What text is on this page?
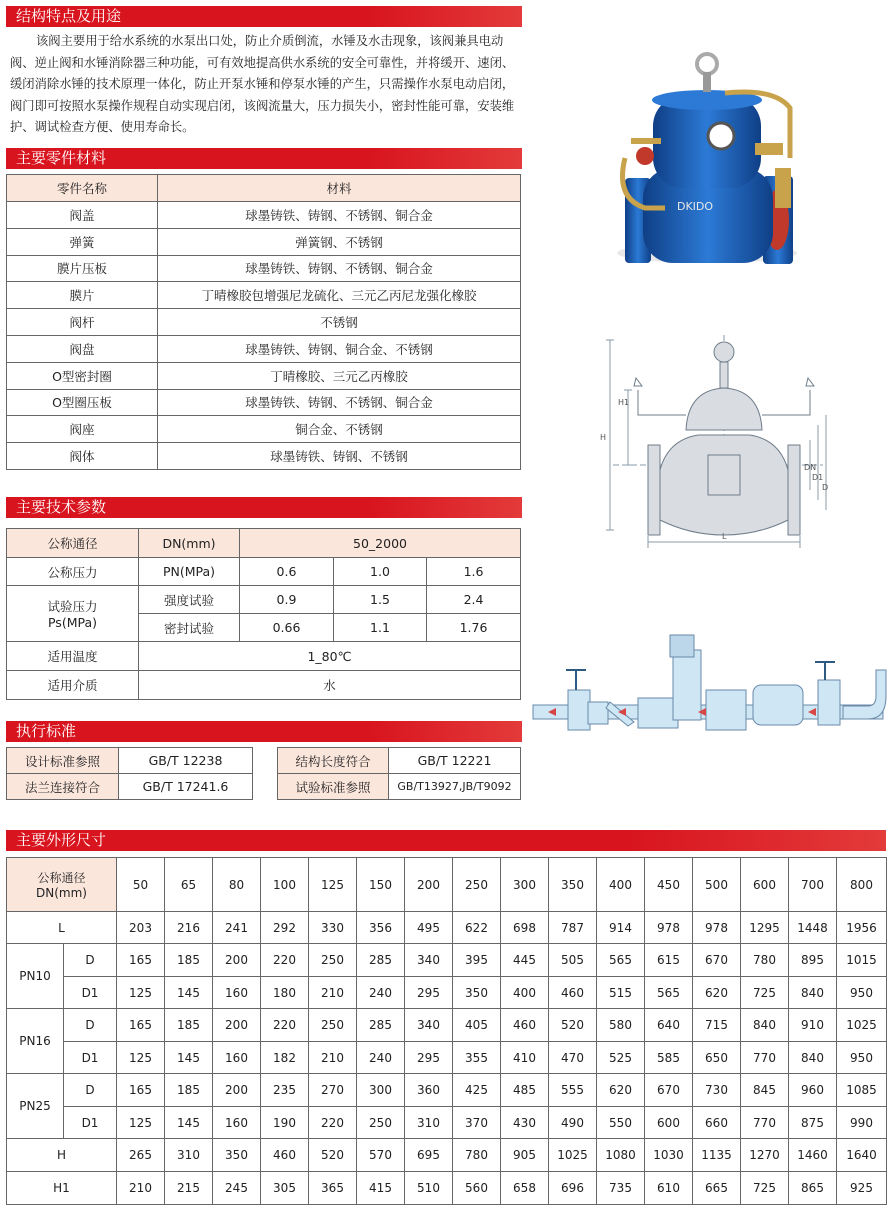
结构特点及用途
主要零件材料
主要技术参数
执行标准
主要外形尺寸
该阀主要用于给水系统的水泵出口处，防止介质倒流，水锤及水击现象，该阀兼具电动阀、逆止阀和水锤消除器三种功能，可有效地提高供水系统的安全可靠性，并将缓开、速闭、缓闭消除水锤的技术原理一体化，防止开泵水锤和停泵水锤的产生，只需操作水泵电动启闭，阀门即可按照水泵操作规程自动实现启闭，该阀流量大，压力损失小，密封性能可靠，安装维护、调试检查方便、使用寿命长。
零件名称	材料
阀盖	球墨铸铁、铸钢、不锈钢、铜合金
弹簧	弹簧钢、不锈钢
膜片压板	球墨铸铁、铸钢、不锈钢、铜合金
膜片	丁晴橡胶包增强尼龙硫化、三元乙丙尼龙强化橡胶
阀杆	不锈钢
阀盘	球墨铸铁、铸钢、铜合金、不锈钢
O型密封圈	丁晴橡胶、三元乙丙橡胶
O型圈压板	球墨铸铁、铸钢、不锈钢、铜合金
阀座	铜合金、不锈钢
阀体	球墨铸铁、铸钢、不锈钢
公称通径	DN(mm)	50_2000		
公称压力	PN(MPa)	0.6	1.0	1.6
试验压力
Ps(MPa)	强度试验	0.9	1.5	2.4
	密封试验	0.66	1.1	1.76
适用温度	1_80℃			
适用介质	水			
设计标准参照	GB/T 12238
法兰连接符合	GB/T 17241.6
结构长度符合	GB/T 12221
试验标准参照	GB/T13927,JB/T9092
公称通径
DN(mm)		50	65	80	100	125	150	200	250	300	350	400	450	500	600	700	800
L		203	216	241	292	330	356	495	622	698	787	914	978	978	1295	1448	1956
PN10	D	165	185	200	220	250	285	340	395	445	505	565	615	670	780	895	1015
	D1	125	145	160	180	210	240	295	350	400	460	515	565	620	725	840	950
PN16	D	165	185	200	220	250	285	340	405	460	520	580	640	715	840	910	1025
	D1	125	145	160	182	210	240	295	355	410	470	525	585	650	770	840	950
PN25	D	165	185	200	235	270	300	360	425	485	555	620	670	730	845	960	1085
	D1	125	145	160	190	220	250	310	370	430	490	550	600	660	770	875	990
H		265	310	350	460	520	570	695	780	905	1025	1080	1030	1135	1270	1460	1640
H1		210	215	245	305	365	415	510	560	658	696	735	610	665	725	865	925
DKIDO
H
H1
L
DN
D1
D
